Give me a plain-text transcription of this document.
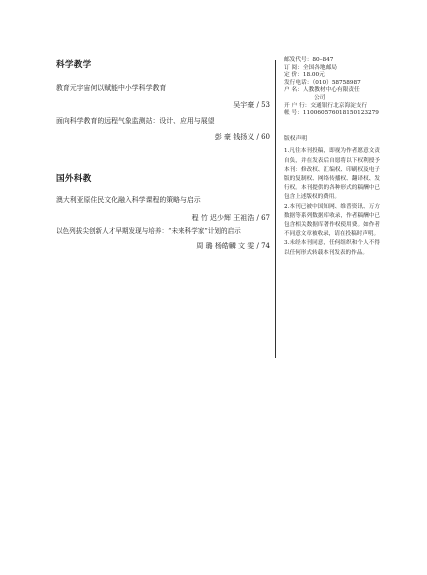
科学教学
教育元宇宙何以赋能中小学科学教育
吴宇豪 / 53
面向科学教育的远程气象监测站：设计、应用与展望
彭 豪 钱扬义 / 60
国外科教
澳大利亚原住民文化融入科学课程的策略与启示
程 竹 迟少辉 王祖浩 / 67
以色列拔尖创新人才早期发现与培养：“未来科学家”计划的启示
周 璐 杨皓麟 文 雯 / 74
邮发代号：80–847
订 阅： 全国各地邮局
定 价： 18.00元
发行电话：（010）58758987
户 名： 人教教材中心有限责任
公司
开 户 行： 交通银行北京海淀支行
帐 号： 110060576018150123279
版权声明
1.凡往本刊投稿，即视为作者愿意文责自负，并在发表后自愿将以下权利授予本刊：修改权、汇编权、印刷权及电子版的复制权、网络传播权、翻译权、发行权。本刊提供的各种形式的稿酬中已包含上述版权的费用。
2.本刊已被中国知网、维普资讯、万方数据等系列数据库收录，作者稿酬中已包含相关数据库著作权使用费。如作者不同意文章被收录，请在投稿时声明。
3.未经本刊同意，任何组织和个人不得以任何形式转载本刊发表的作品。
